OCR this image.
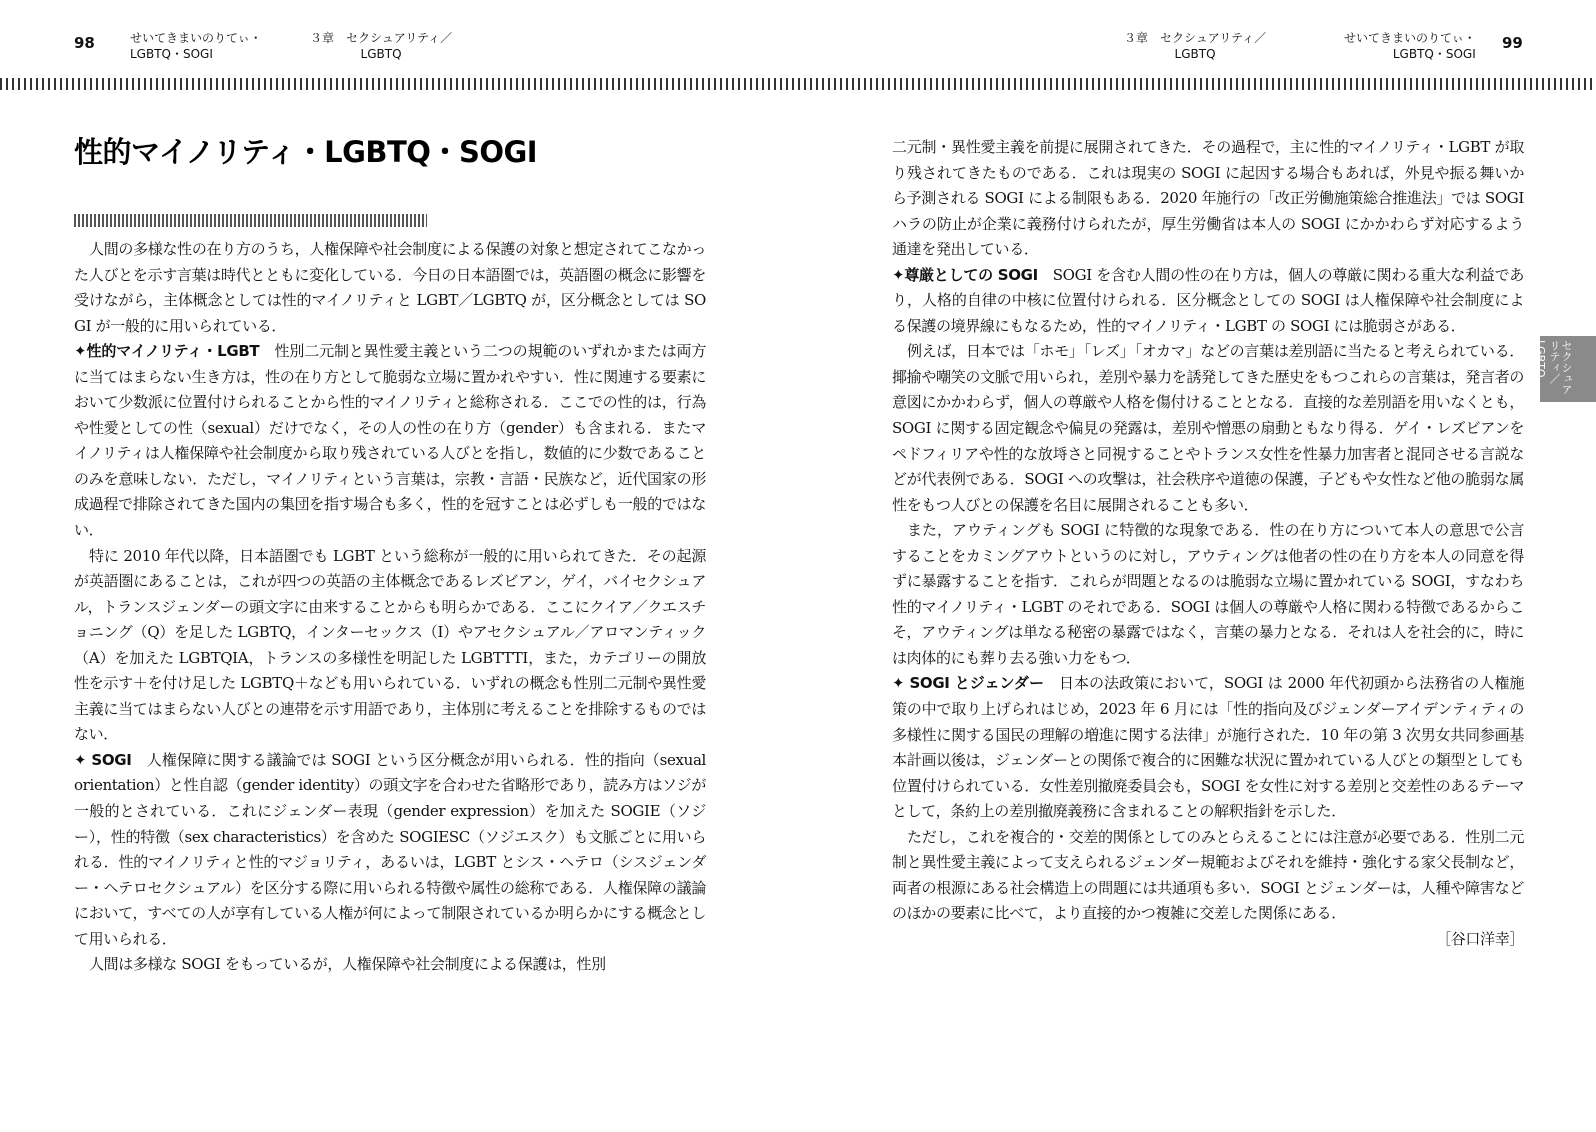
98	せいてきまいのりてぃ・
LGBTQ・SOGI
３章　セクシュアリティ／
LGBTQ
３章　セクシュアリティ／
LGBTQ
せいてきまいのりてぃ・
LGBTQ・SOGI
99
性的マイノリティ・LGBTQ・SOGI

人間の多様な性の在り方のうち，人権保障や社会制度による保護の対象と想定されてこなかった人びとを示す言葉は時代とともに変化している．今日の日本語圏では，英語圏の概念に影響を受けながら，主体概念としては性的マイノリティと LGBT／LGBTQ が，区分概念としては SOGI が一般的に用いられている．

✦性的マイノリティ・LGBT　性別二元制と異性愛主義という二つの規範のいずれかまたは両方に当てはまらない生き方は，性の在り方として脆弱な立場に置かれやすい．性に関連する要素において少数派に位置付けられることから性的マイノリティと総称される．ここでの性的は，行為や性愛としての性（sexual）だけでなく，その人の性の在り方（gender）も含まれる．またマイノリティは人権保障や社会制度から取り残されている人びとを指し，数値的に少数であることのみを意味しない．ただし，マイノリティという言葉は，宗教・言語・民族など，近代国家の形成過程で排除されてきた国内の集団を指す場合も多く，性的を冠すことは必ずしも一般的ではない．

特に 2010 年代以降，日本語圏でも LGBT という総称が一般的に用いられてきた．その起源が英語圏にあることは，これが四つの英語の主体概念であるレズビアン，ゲイ，バイセクシュアル，トランスジェンダーの頭文字に由来することからも明らかである．ここにクイア／クエスチョニング（Q）を足した LGBTQ，インターセックス（I）やアセクシュアル／アロマンティック（A）を加えた LGBTQIA，トランスの多様性を明記した LGBTTTI，また，カテゴリーの開放性を示す＋を付け足した LGBTQ＋なども用いられている．いずれの概念も性別二元制や異性愛主義に当てはまらない人びとの連帯を示す用語であり，主体別に考えることを排除するものではない．

✦ SOGI　人権保障に関する議論では SOGI という区分概念が用いられる．性的指向（sexual orientation）と性自認（gender identity）の頭文字を合わせた省略形であり，読み方はソジが一般的とされている．これにジェンダー表現（gender expression）を加えた SOGIE（ソジー），性的特徴（sex characteristics）を含めた SOGIESC（ソジエスク）も文脈ごとに用いられる．性的マイノリティと性的マジョリティ，あるいは，LGBT とシス・ヘテロ（シスジェンダー・ヘテロセクシュアル）を区分する際に用いられる特徴や属性の総称である．人権保障の議論において，すべての人が享有している人権が何によって制限されているか明らかにする概念として用いられる．

人間は多様な SOGI をもっているが，人権保障や社会制度による保護は，性別

二元制・異性愛主義を前提に展開されてきた．その過程で，主に性的マイノリティ・LGBT が取り残されてきたものである．これは現実の SOGI に起因する場合もあれば，外見や振る舞いから予測される SOGI による制限もある．2020 年施行の「改正労働施策総合推進法」では SOGI ハラの防止が企業に義務付けられたが，厚生労働省は本人の SOGI にかかわらず対応するよう通達を発出している．

✦尊厳としての SOGI　SOGI を含む人間の性の在り方は，個人の尊厳に関わる重大な利益であり，人格的自律の中核に位置付けられる．区分概念としての SOGI は人権保障や社会制度による保護の境界線にもなるため，性的マイノリティ・LGBT の SOGI には脆弱さがある．

例えば，日本では「ホモ」「レズ」「オカマ」などの言葉は差別語に当たると考えられている．揶揄や嘲笑の文脈で用いられ，差別や暴力を誘発してきた歴史をもつこれらの言葉は，発言者の意図にかかわらず，個人の尊厳や人格を傷付けることとなる．直接的な差別語を用いなくとも，SOGI に関する固定観念や偏見の発露は，差別や憎悪の扇動ともなり得る．ゲイ・レズビアンをペドフィリアや性的な放埓さと同視することやトランス女性を性暴力加害者と混同させる言説などが代表例である．SOGI への攻撃は，社会秩序や道徳の保護，子どもや女性など他の脆弱な属性をもつ人びとの保護を名目に展開されることも多い．

また，アウティングも SOGI に特徴的な現象である．性の在り方について本人の意思で公言することをカミングアウトというのに対し，アウティングは他者の性の在り方を本人の同意を得ずに暴露することを指す．これらが問題となるのは脆弱な立場に置かれている SOGI，すなわち性的マイノリティ・LGBT のそれである．SOGI は個人の尊厳や人格に関わる特徴であるからこそ，アウティングは単なる秘密の暴露ではなく，言葉の暴力となる．それは人を社会的に，時には肉体的にも葬り去る強い力をもつ．

✦ SOGI とジェンダー　日本の法政策において，SOGI は 2000 年代初頭から法務省の人権施策の中で取り上げられはじめ，2023 年 6 月には「性的指向及びジェンダーアイデンティティの多様性に関する国民の理解の増進に関する法律」が施行された．10 年の第 3 次男女共同参画基本計画以後は，ジェンダーとの関係で複合的に困難な状況に置かれている人びとの類型としても位置付けられている．女性差別撤廃委員会も，SOGI を女性に対する差別と交差性のあるテーマとして，条約上の差別撤廃義務に含まれることの解釈指針を示した．

ただし，これを複合的・交差的関係としてのみとらえることには注意が必要である．性別二元制と異性愛主義によって支えられるジェンダー規範およびそれを維持・強化する家父長制など，両者の根源にある社会構造上の問題には共通項も多い．SOGI とジェンダーは，人種や障害などのほかの要素に比べて，より直接的かつ複雑に交差した関係にある．

［谷口洋幸］
セクシュアリティ／
LGBTQ
